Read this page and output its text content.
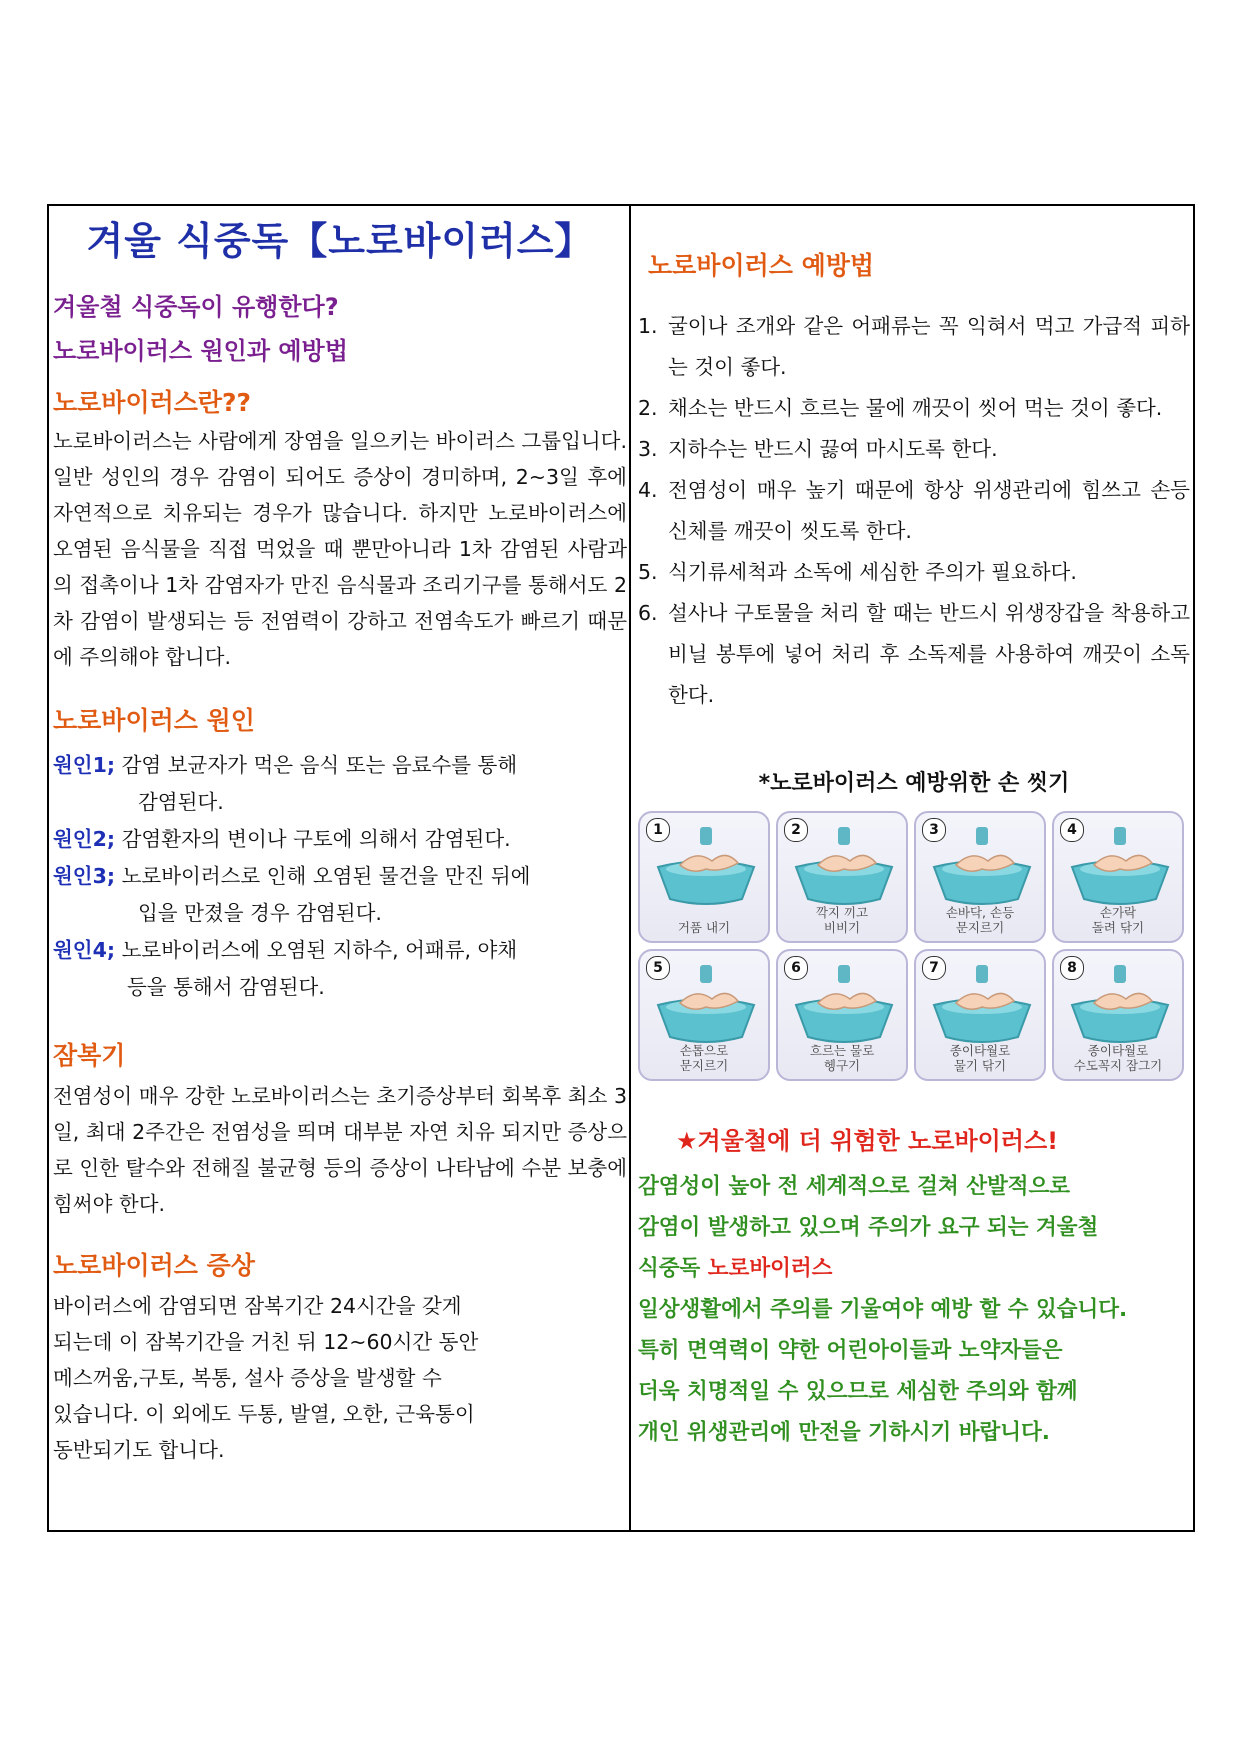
겨울 식중독【노로바이러스】
겨울철 식중독이 유행한다?
노로바이러스 원인과 예방법
노로바이러스란??
노로바이러스는 사람에게 장염을 일으키는 바이러스 그룹입니다. 일반 성인의 경우 감염이 되어도 증상이 경미하며, 2~3일 후에 자연적으로 치유되는 경우가 많습니다. 하지만 노로바이러스에 오염된 음식물을 직접 먹었을 때 뿐만아니라 1차 감염된 사람과의 접촉이나 1차 감염자가 만진 음식물과 조리기구를 통해서도 2차 감염이 발생되는 등 전염력이 강하고 전염속도가 빠르기 때문에 주의해야 합니다.
노로바이러스 원인
원인1; 감염 보균자가 먹은 음식 또는 음료수를 통해
감염된다.
원인2; 감염환자의 변이나 구토에 의해서 감염된다.
원인3; 노로바이러스로 인해 오염된 물건을 만진 뒤에
입을 만졌을 경우 감염된다.
원인4; 노로바이러스에 오염된 지하수, 어패류, 야채
등을 통해서 감염된다.
잠복기
전염성이 매우 강한 노로바이러스는 초기증상부터 회복후 최소 3일, 최대 2주간은 전염성을 띄며 대부분 자연 치유 되지만 증상으로 인한 탈수와 전해질 불균형 등의 증상이 나타남에 수분 보충에 힘써야 한다.
노로바이러스 증상
바이러스에 감염되면 잠복기간 24시간을 갖게
되는데 이 잠복기간을 거친 뒤 12~60시간 동안
메스꺼움,구토, 복통, 설사 증상을 발생할 수
있습니다. 이 외에도 두통, 발열, 오한, 근육통이
동반되기도 합니다.
노로바이러스 예방법
1. 굴이나 조개와 같은 어패류는 꼭 익혀서 먹고 가급적 피하는 것이 좋다.
2. 채소는 반드시 흐르는 물에 깨끗이 씻어 먹는 것이 좋다.
3. 지하수는 반드시 끓여 마시도록 한다.
4. 전염성이 매우 높기 때문에 항상 위생관리에 힘쓰고 손등 신체를 깨끗이 씻도록 한다.
5. 식기류세척과 소독에 세심한 주의가 필요하다.
6. 설사나 구토물을 처리 할 때는 반드시 위생장갑을 착용하고 비닐 봉투에 넣어 처리 후 소독제를 사용하여 깨끗이 소독한다.
*노로바이러스 예방위한 손 씻기
1
거품 내기
2
깍지 끼고
비비기
3
손바닥, 손등
문지르기
4
손가락
돌려 닦기
5
손톱으로
문지르기
6
흐르는 물로
헹구기
7
종이타월로
물기 닦기
8
종이타월로
수도꼭지 잠그기
★겨울철에 더 위험한 노로바이러스!
감염성이 높아 전 세계적으로 걸쳐 산발적으로
감염이 발생하고 있으며 주의가 요구 되는 겨울철
식중독 노로바이러스
일상생활에서 주의를 기울여야 예방 할 수 있습니다.
특히 면역력이 약한 어린아이들과 노약자들은
더욱 치명적일 수 있으므로 세심한 주의와 함께
개인 위생관리에 만전을 기하시기 바랍니다.
